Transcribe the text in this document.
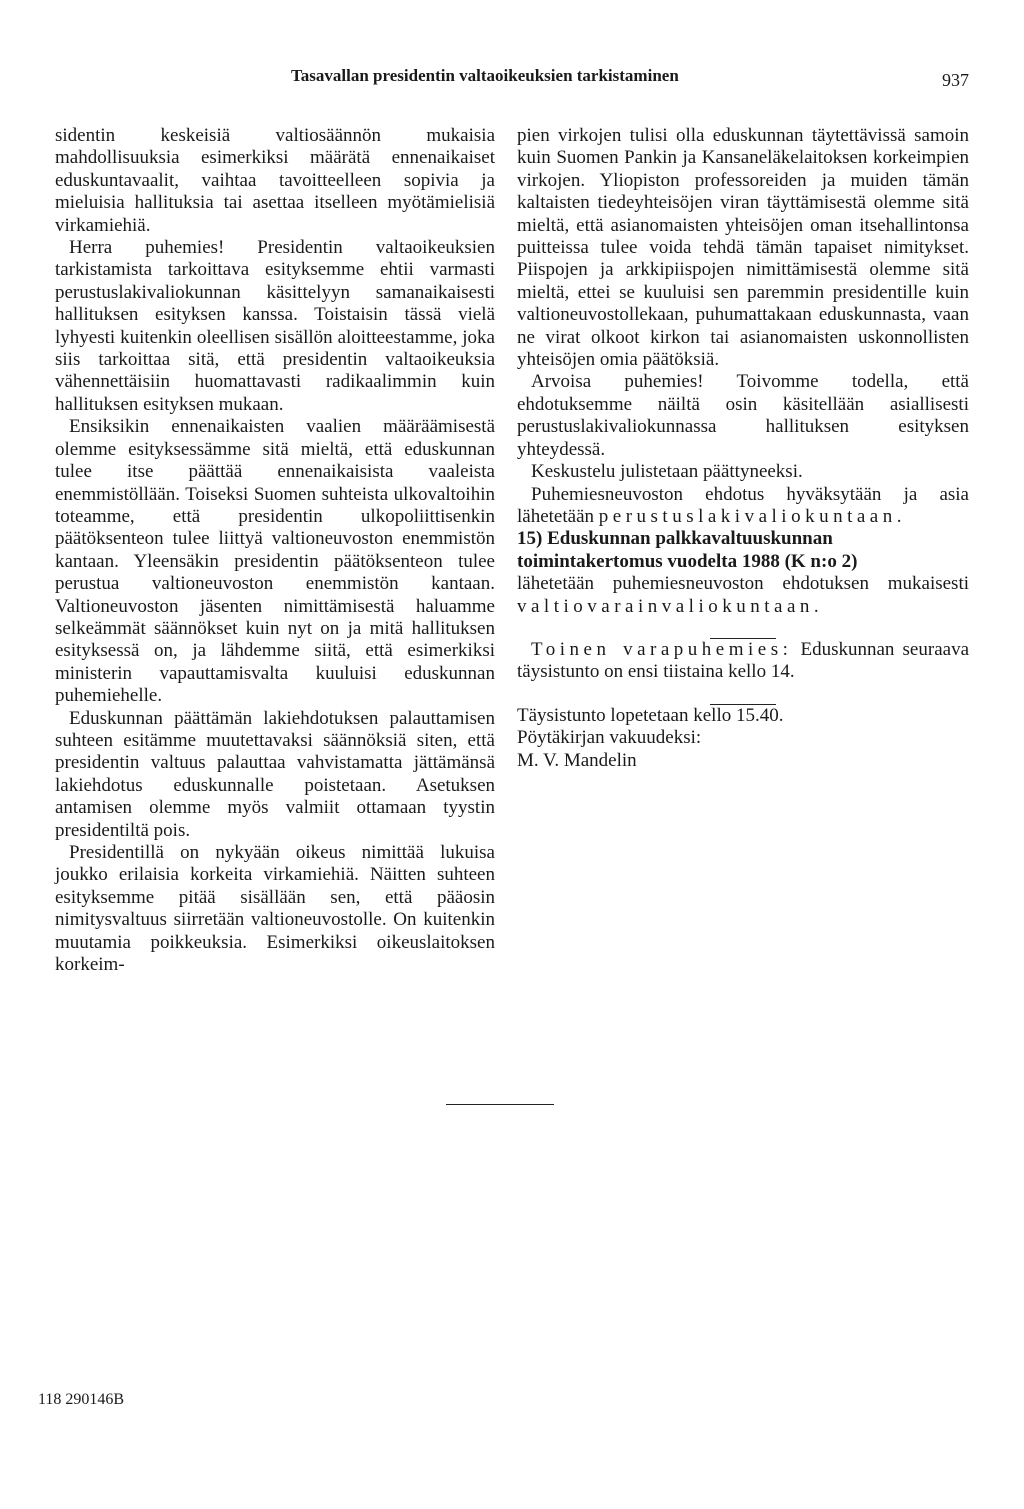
Tasavallan presidentin valtaoikeuksien tarkistaminen	937

sidentin keskeisiä valtiosäännön mukaisia mahdollisuuksia esimerkiksi määrätä ennenaikaiset eduskuntavaalit, vaihtaa tavoitteelleen sopivia ja mieluisia hallituksia tai asettaa itselleen myötämielisiä virkamiehiä.

Herra puhemies! Presidentin valtaoikeuksien tarkistamista tarkoittava esityksemme ehtii varmasti perustuslakivaliokunnan käsittelyyn samanaikaisesti hallituksen esityksen kanssa. Toistaisin tässä vielä lyhyesti kuitenkin oleellisen sisällön aloitteestamme, joka siis tarkoittaa sitä, että presidentin valtaoikeuksia vähennettäisiin huomattavasti radikaalimmin kuin hallituksen esityksen mukaan.

Ensiksikin ennenaikaisten vaalien määräämisestä olemme esityksessämme sitä mieltä, että eduskunnan tulee itse päättää ennenaikaisista vaaleista enemmistöllään. Toiseksi Suomen suhteista ulkovaltoihin toteamme, että presidentin ulkopoliittisenkin päätöksenteon tulee liittyä valtioneuvoston enemmistön kantaan. Yleensäkin presidentin päätöksenteon tulee perustua valtioneuvoston enemmistön kantaan. Valtioneuvoston jäsenten nimittämisestä haluamme selkeämmät säännökset kuin nyt on ja mitä hallituksen esityksessä on, ja lähdemme siitä, että esimerkiksi ministerin vapauttamisvalta kuuluisi eduskunnan puhemiehelle.

Eduskunnan päättämän lakiehdotuksen palauttamisen suhteen esitämme muutettavaksi säännöksiä siten, että presidentin valtuus palauttaa vahvistamatta jättämänsä lakiehdotus eduskunnalle poistetaan. Asetuksen antamisen olemme myös valmiit ottamaan tyystin presidentiltä pois.

Presidentillä on nykyään oikeus nimittää lukuisa joukko erilaisia korkeita virkamiehiä. Näitten suhteen esityksemme pitää sisällään sen, että pääosin nimitysvaltuus siirretään valtioneuvostolle. On kuitenkin muutamia poikkeuksia. Esimerkiksi oikeuslaitoksen korkeim-

pien virkojen tulisi olla eduskunnan täytettävissä samoin kuin Suomen Pankin ja Kansaneläkelaitoksen korkeimpien virkojen. Yliopiston professoreiden ja muiden tämän kaltaisten tiedeyhteisöjen viran täyttämisestä olemme sitä mieltä, että asianomaisten yhteisöjen oman itsehallintonsa puitteissa tulee voida tehdä tämän tapaiset nimitykset. Piispojen ja arkkipiispojen nimittämisestä olemme sitä mieltä, ettei se kuuluisi sen paremmin presidentille kuin valtioneuvostollekaan, puhumattakaan eduskunnasta, vaan ne virat olkoot kirkon tai asianomaisten uskonnollisten yhteisöjen omia päätöksiä.

Arvoisa puhemies! Toivomme todella, että ehdotuksemme näiltä osin käsitellään asiallisesti perustuslakivaliokunnassa hallituksen esityksen yhteydessä.

Keskustelu julistetaan päättyneeksi.

Puhemiesneuvoston ehdotus hyväksytään ja asia lähetetään perustuslakivaliokuntaan.

15) Eduskunnan palkkavaltuuskunnan toimintakertomus vuodelta 1988 (K n:o 2)

lähetetään puhemiesneuvoston ehdotuksen mukaisesti valtiovarainvaliokuntaan.

Toinen varapuhemies: Eduskunnan seuraava täysistunto on ensi tiistaina kello 14.

Täysistunto lopetetaan kello 15.40.

Pöytäkirjan vakuudeksi:

M. V. Mandelin

118 290146B
